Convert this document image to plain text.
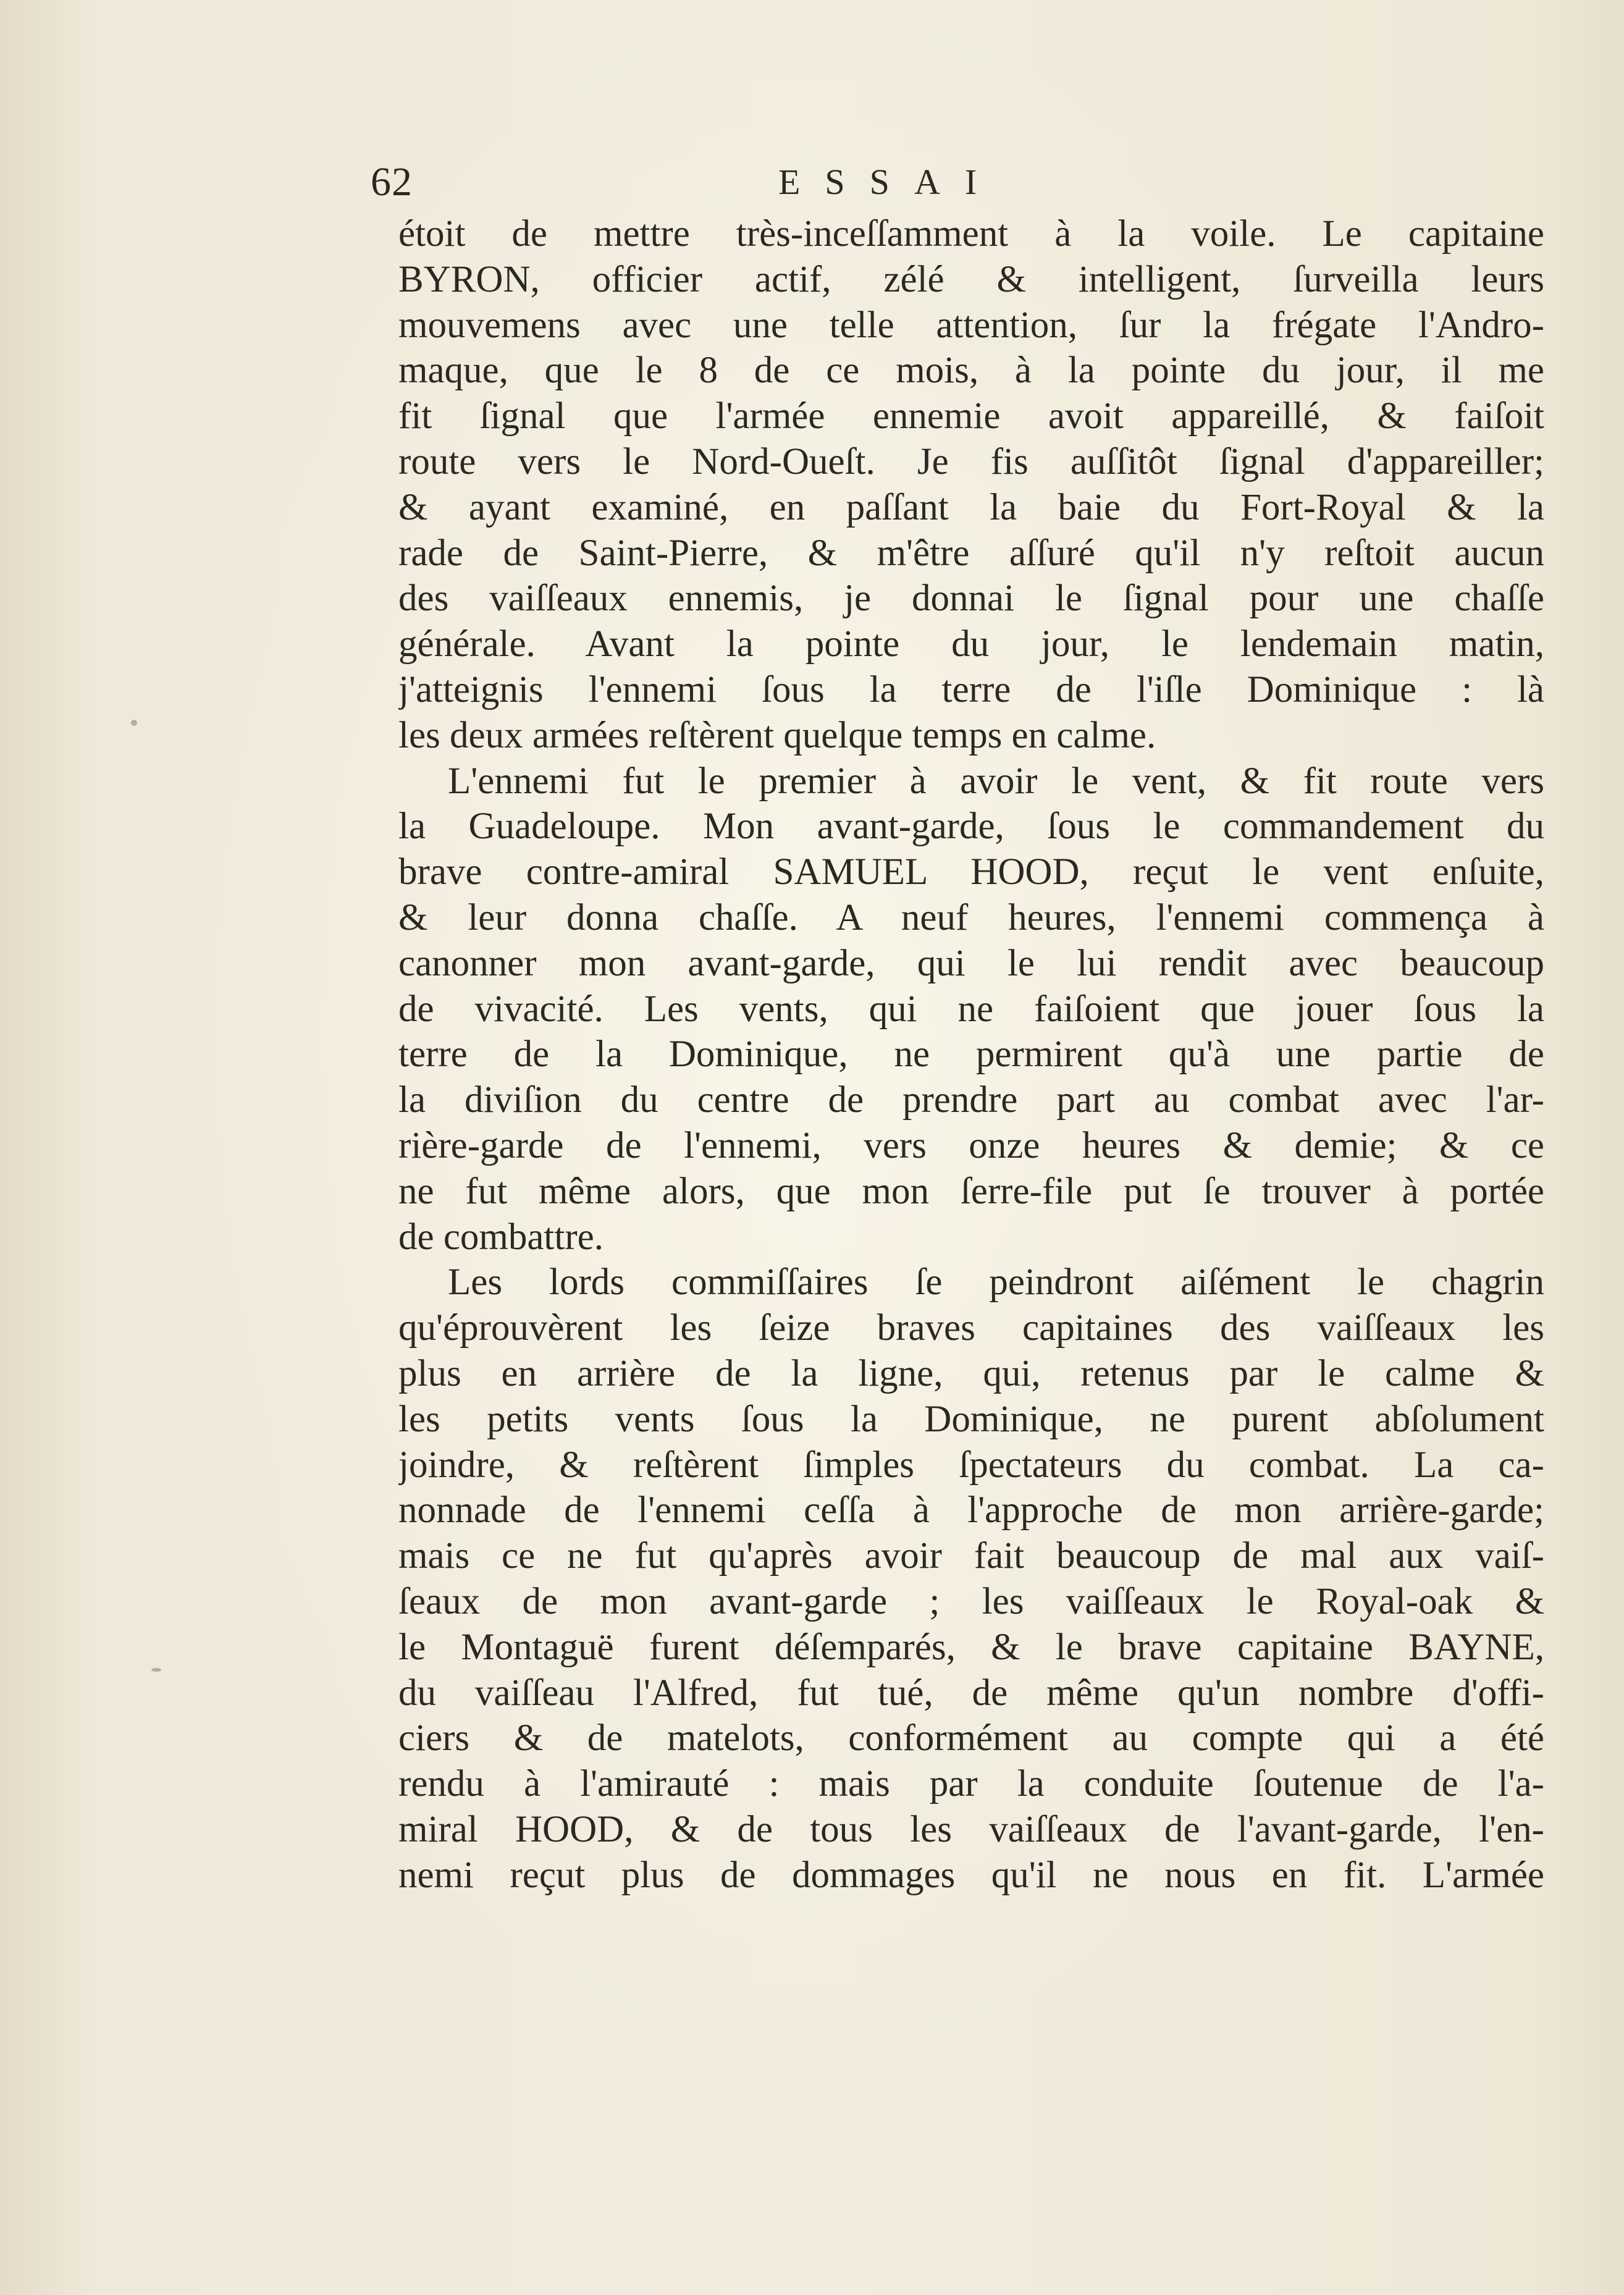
62	ESSAI
étoit de mettre très-inceſſamment à la voile. Le capitaine
BYRON, officier actif, zélé & intelligent, ſurveilla leurs
mouvemens avec une telle attention, ſur la frégate l'Andro-
maque, que le 8 de ce mois, à la pointe du jour, il me
fit ſignal que l'armée ennemie avoit appareillé, & faiſoit
route vers le Nord-Oueſt. Je fis auſſitôt ſignal d'appareiller;
& ayant examiné, en paſſant la baie du Fort-Royal & la
rade de Saint-Pierre, & m'être aſſuré qu'il n'y reſtoit aucun
des vaiſſeaux ennemis, je donnai le ſignal pour une chaſſe
générale. Avant la pointe du jour, le lendemain matin,
j'atteignis l'ennemi ſous la terre de l'iſle Dominique : là
les deux armées reſtèrent quelque temps en calme.
L'ennemi fut le premier à avoir le vent, & fit route vers
la Guadeloupe. Mon avant-garde, ſous le commandement du
brave contre-amiral SAMUEL HOOD, reçut le vent enſuite,
& leur donna chaſſe. A neuf heures, l'ennemi commença à
canonner mon avant-garde, qui le lui rendit avec beaucoup
de vivacité. Les vents, qui ne faiſoient que jouer ſous la
terre de la Dominique, ne permirent qu'à une partie de
la diviſion du centre de prendre part au combat avec l'ar-
rière-garde de l'ennemi, vers onze heures & demie; & ce
ne fut même alors, que mon ſerre-file put ſe trouver à portée
de combattre.
Les lords commiſſaires ſe peindront aiſément le chagrin
qu'éprouvèrent les ſeize braves capitaines des vaiſſeaux les
plus en arrière de la ligne, qui, retenus par le calme &
les petits vents ſous la Dominique, ne purent abſolument
joindre, & reſtèrent ſimples ſpectateurs du combat. La ca-
nonnade de l'ennemi ceſſa à l'approche de mon arrière-garde;
mais ce ne fut qu'après avoir fait beaucoup de mal aux vaiſ-
ſeaux de mon avant-garde ; les vaiſſeaux le Royal-oak &
le Montaguë furent déſemparés, & le brave capitaine BAYNE,
du vaiſſeau l'Alfred, fut tué, de même qu'un nombre d'offi-
ciers & de matelots, conformément au compte qui a été
rendu à l'amirauté : mais par la conduite ſoutenue de l'a-
miral HOOD, & de tous les vaiſſeaux de l'avant-garde, l'en-
nemi reçut plus de dommages qu'il ne nous en fit. L'armée
